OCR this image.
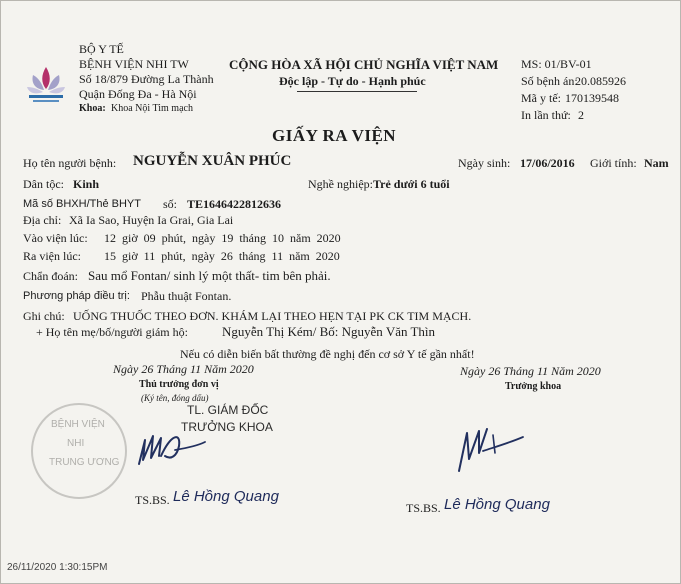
BỘ Y TẾ
BỆNH VIỆN NHI TW
Số 18/879 Đường La Thành
Quận Đống Đa - Hà Nội
Khoa: Khoa Nội Tim mạch
CỘNG HÒA XÃ HỘI CHỦ NGHĨA VIỆT NAM
Độc lập - Tự do - Hạnh phúc
MS: 01/BV-01
Số bệnh án:
20.085926
Mã y tế: 170139548
In lần thứ: 2
GIẤY RA VIỆN
Họ tên người bệnh: NGUYỄN XUÂN PHÚC	Ngày sinh: 17/06/2016 Giới tính: Nam
Dân tộc: Kinh	Nghề nghiệp: Trẻ dưới 6 tuổi
Mã số BHXH/Thẻ BHYT số: TE1646422812636
Địa chỉ: Xã Ia Sao, Huyện Ia Grai, Gia Lai
Vào viện lúc: 12 giờ 09 phút, ngày 19 tháng 10 năm 2020
Ra viện lúc: 15 giờ 11 phút, ngày 26 tháng 11 năm 2020
Chẩn đoán: Sau mổ Fontan/ sinh lý một thất- tim bên phải.
Phương pháp điều trị: Phẫu thuật Fontan.
Ghi chú: UỐNG THUỐC THEO ĐƠN. KHÁM LẠI THEO HẸN TẠI PK CK TIM MẠCH.
+ Họ tên mẹ/bố/người giám hộ:	Nguyễn Thị Kém/ Bố: Nguyễn Văn Thìn
Nếu có diễn biến bất thường đề nghị đến cơ sở Y tế gần nhất!
Ngày 26 Tháng 11 Năm 2020
Thủ trưởng đơn vị
(Ký tên, đóng dấu)
BỆNH VIỆN
NHI
TRUNG ƯƠNG
TL. GIÁM ĐỐC
TRƯỞNG KHOA
TS.BS. Lê Hồng Quang
Ngày 26 Tháng 11 Năm 2020
Trưởng khoa
TS.BS. Lê Hồng Quang
26/11/2020 1:30:15PM
